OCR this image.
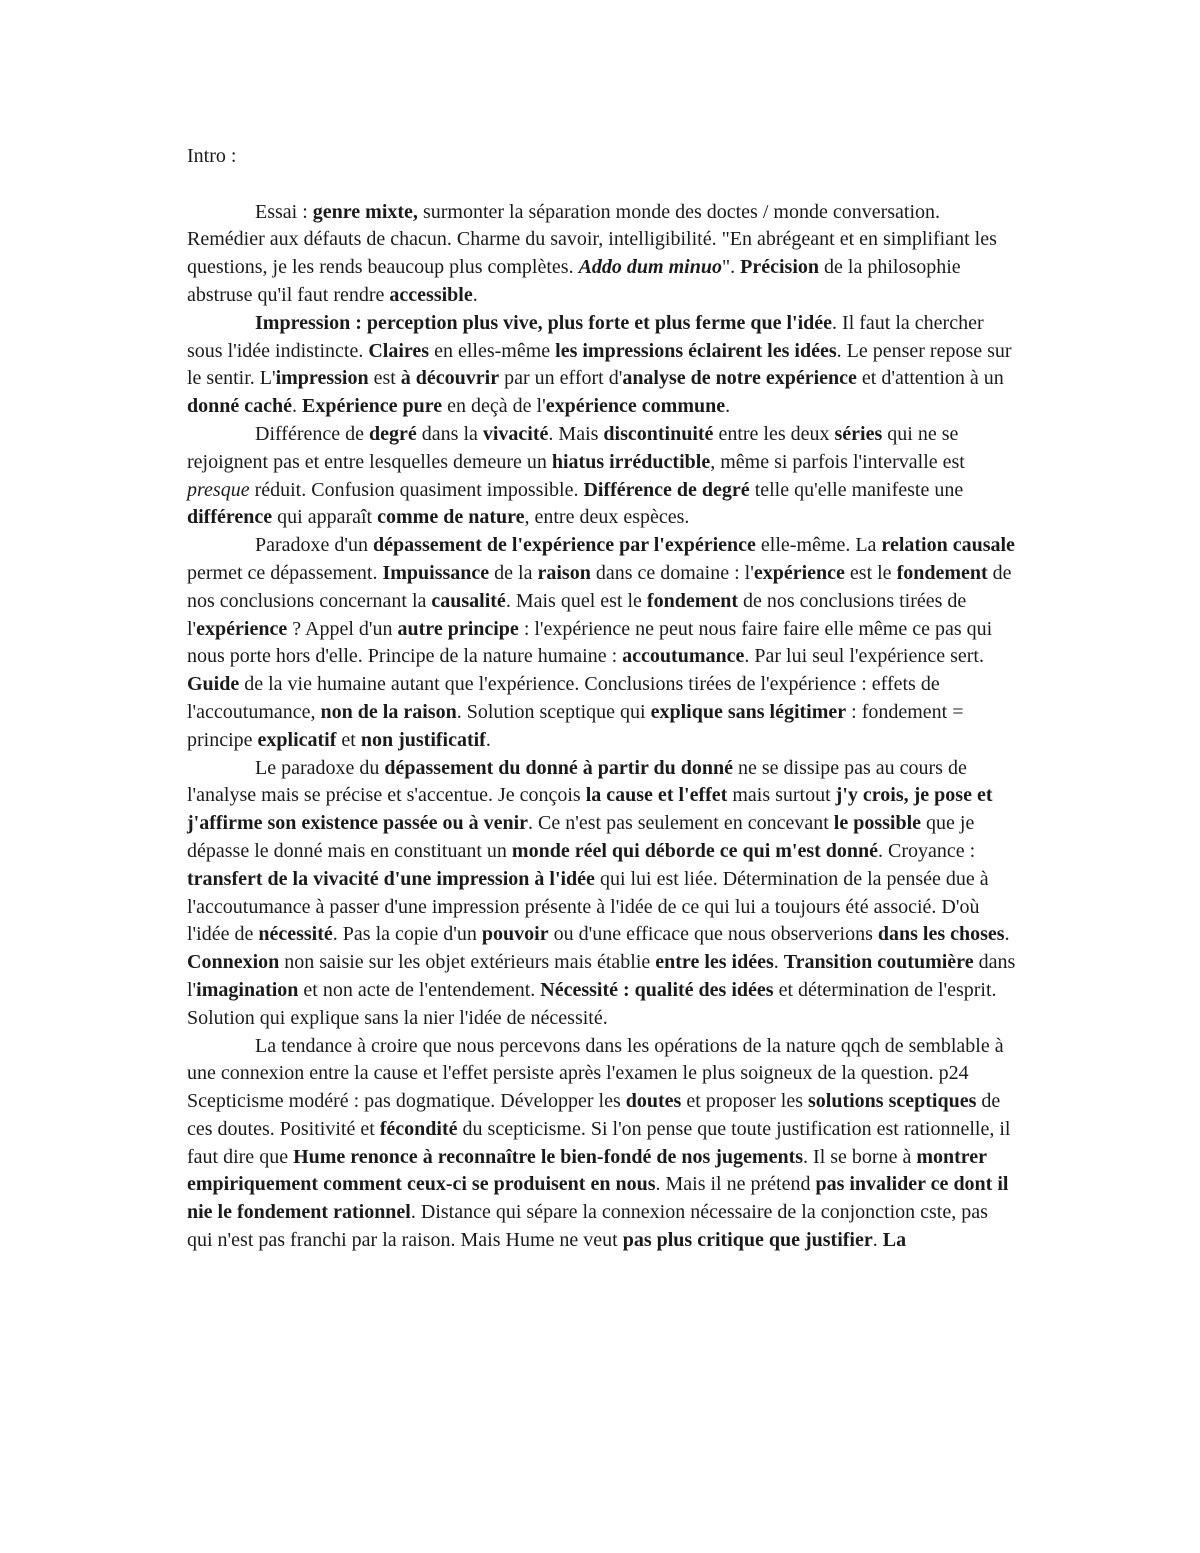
Intro :

Essai : genre mixte, surmonter la séparation monde des doctes / monde conversation. Remédier aux défauts de chacun. Charme du savoir, intelligibilité. "En abrégeant et en simplifiant les questions, je les rends beaucoup plus complètes. Addo dum minuo". Précision de la philosophie abstruse qu'il faut rendre accessible.

Impression : perception plus vive, plus forte et plus ferme que l'idée. Il faut la chercher sous l'idée indistincte. Claires en elles-même les impressions éclairent les idées. Le penser repose sur le sentir. L'impression est à découvrir par un effort d'analyse de notre expérience et d'attention à un donné caché. Expérience pure en deçà de l'expérience commune.

Différence de degré dans la vivacité. Mais discontinuité entre les deux séries qui ne se rejoignent pas et entre lesquelles demeure un hiatus irréductible, même si parfois l'intervalle est presque réduit. Confusion quasiment impossible. Différence de degré telle qu'elle manifeste une différence qui apparaît comme de nature, entre deux espèces.

Paradoxe d'un dépassement de l'expérience par l'expérience elle-même. La relation causale permet ce dépassement. Impuissance de la raison dans ce domaine : l'expérience est le fondement de nos conclusions concernant la causalité. Mais quel est le fondement de nos conclusions tirées de l'expérience ? Appel d'un autre principe : l'expérience ne peut nous faire faire elle même ce pas qui nous porte hors d'elle. Principe de la nature humaine : accoutumance. Par lui seul l'expérience sert. Guide de la vie humaine autant que l'expérience. Conclusions tirées de l'expérience : effets de l'accoutumance, non de la raison. Solution sceptique qui explique sans légitimer : fondement = principe explicatif et non justificatif.

Le paradoxe du dépassement du donné à partir du donné ne se dissipe pas au cours de l'analyse mais se précise et s'accentue. Je conçois la cause et l'effet mais surtout j'y crois, je pose et j'affirme son existence passée ou à venir. Ce n'est pas seulement en concevant le possible que je dépasse le donné mais en constituant un monde réel qui déborde ce qui m'est donné. Croyance : transfert de la vivacité d'une impression à l'idée qui lui est liée. Détermination de la pensée due à l'accoutumance à passer d'une impression présente à l'idée de ce qui lui a toujours été associé. D'où l'idée de nécessité. Pas la copie d'un pouvoir ou d'une efficace que nous observerions dans les choses. Connexion non saisie sur les objet extérieurs mais établie entre les idées. Transition coutumière dans l'imagination et non acte de l'entendement. Nécessité : qualité des idées et détermination de l'esprit. Solution qui explique sans la nier l'idée de nécessité.

La tendance à croire que nous percevons dans les opérations de la nature qqch de semblable à une connexion entre la cause et l'effet persiste après l'examen le plus soigneux de la question. p24

Scepticisme modéré : pas dogmatique. Développer les doutes et proposer les solutions sceptiques de ces doutes. Positivité et fécondité du scepticisme. Si l'on pense que toute justification est rationnelle, il faut dire que Hume renonce à reconnaître le bien-fondé de nos jugements. Il se borne à montrer empiriquement comment ceux-ci se produisent en nous. Mais il ne prétend pas invalider ce dont il nie le fondement rationnel. Distance qui sépare la connexion nécessaire de la conjonction cste, pas qui n'est pas franchi par la raison. Mais Hume ne veut pas plus critique que justifier. La
